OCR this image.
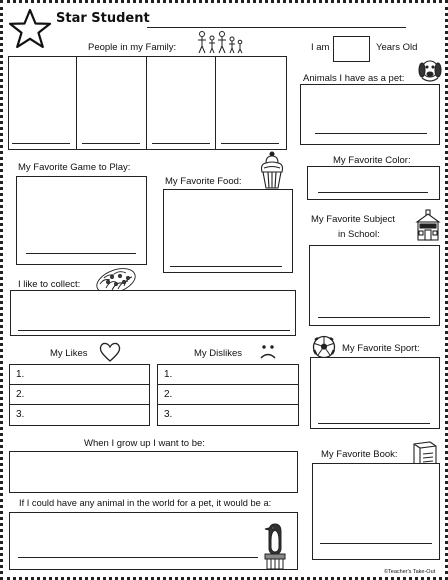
Star Student
People in my Family:	I am	Years Old
Animals I have as a pet:
My Favorite Game to Play:
My Favorite Food:
My Favorite Color:
My Favorite Subject
in School:
I like to collect:
My Likes
1.
2.
3.
My Dislikes
1.
2.
3.
My Favorite Sport:
When I grow up I want to be:
My Favorite Book:
If I could have any animal in the world for a pet, it would be a:
©Teacher's Take-Out
